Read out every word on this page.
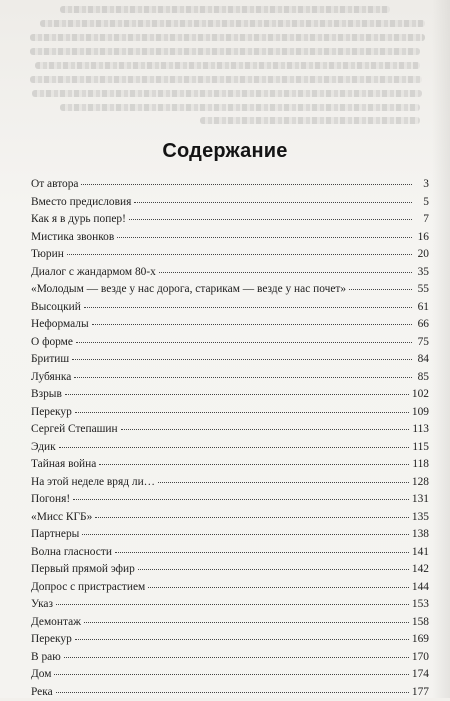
Содержание
От автора	3
Вместо предисловия	5
Как я в дурь попер!	7
Мистика звонков	16
Тюрин	20
Диалог с жандармом 80-х	35
«Молодым — везде у нас дорога, старикам — везде у нас почет»	55
Высоцкий	61
Неформалы	66
О форме	75
Бритиш	84
Лубянка	85
Взрыв	102
Перекур	109
Сергей Степашин	113
Эдик	115
Тайная война	118
На этой неделе вряд ли…	128
Погоня!	131
«Мисс КГБ»	135
Партнеры	138
Волна гласности	141
Первый прямой эфир	142
Допрос с пристрастием	144
Указ	153
Демонтаж	158
Перекур	169
В раю	170
Дом	174
Река	177
